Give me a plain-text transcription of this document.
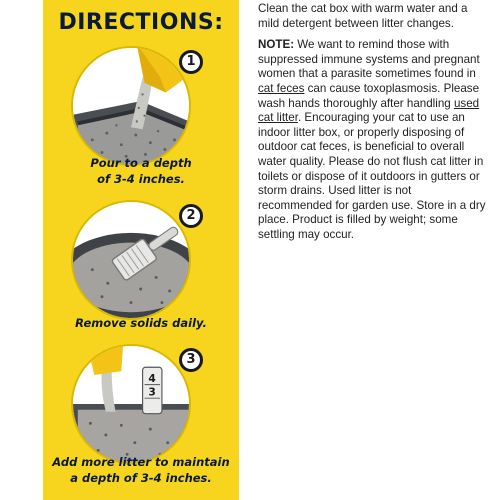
DIRECTIONS:
1
Pour to a depth
of 3-4 inches.
2
Remove solids daily.
4
3
3
Add more litter to maintain
a depth of 3-4 inches.

Clean the cat box with warm water and a mild detergent between litter changes.

NOTE: We want to remind those with suppressed immune systems and pregnant women that a parasite sometimes found in cat feces can cause toxoplasmosis. Please wash hands thoroughly after handling used cat litter. Encouraging your cat to use an indoor litter box, or properly disposing of outdoor cat feces, is beneficial to overall water quality. Please do not flush cat litter in toilets or dispose of it outdoors in gutters or storm drains. Used litter is not recommended for garden use. Store in a dry place. Product is filled by weight; some settling may occur.
